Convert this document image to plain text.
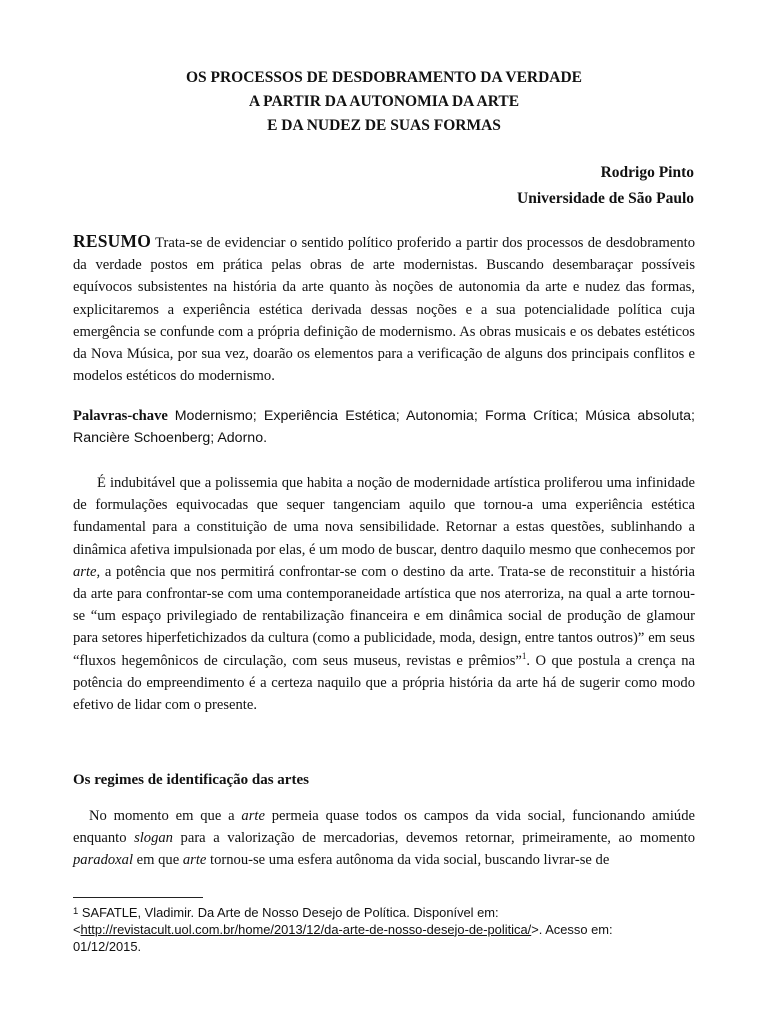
OS PROCESSOS DE DESDOBRAMENTO DA VERDADE
A PARTIR DA AUTONOMIA DA ARTE
E DA NUDEZ DE SUAS FORMAS
Rodrigo Pinto
Universidade de São Paulo
RESUMO Trata-se de evidenciar o sentido político proferido a partir dos processos de desdobramento da verdade postos em prática pelas obras de arte modernistas. Buscando desembaraçar possíveis equívocos subsistentes na história da arte quanto às noções de autonomia da arte e nudez das formas, explicitaremos a experiência estética derivada dessas noções e a sua potencialidade política cuja emergência se confunde com a própria definição de modernismo. As obras musicais e os debates estéticos da Nova Música, por sua vez, doarão os elementos para a verificação de alguns dos principais conflitos e modelos estéticos do modernismo.
Palavras-chave Modernismo; Experiência Estética; Autonomia; Forma Crítica; Música absoluta; Rancière Schoenberg; Adorno.
É indubitável que a polissemia que habita a noção de modernidade artística proliferou uma infinidade de formulações equivocadas que sequer tangenciam aquilo que tornou-a uma experiência estética fundamental para a constituição de uma nova sensibilidade. Retornar a estas questões, sublinhando a dinâmica afetiva impulsionada por elas, é um modo de buscar, dentro daquilo mesmo que conhecemos por arte, a potência que nos permitirá confrontar-se com o destino da arte. Trata-se de reconstituir a história da arte para confrontar-se com uma contemporaneidade artística que nos aterroriza, na qual a arte tornou-se “um espaço privilegiado de rentabilização financeira e em dinâmica social de produção de glamour para setores hiperfetichizados da cultura (como a publicidade, moda, design, entre tantos outros)” em seus “fluxos hegemônicos de circulação, com seus museus, revistas e prêmios”$^1$. O que postula a crença na potência do empreendimento é a certeza naquilo que a própria história da arte há de sugerir como modo efetivo de lidar com o presente.
Os regimes de identificação das artes
No momento em que a arte permeia quase todos os campos da vida social, funcionando amiúde enquanto slogan para a valorização de mercadorias, devemos retornar, primeiramente, ao momento paradoxal em que arte tornou-se uma esfera autônoma da vida social, buscando livrar-se de
$^1$ SAFATLE, Vladimir. Da Arte de Nosso Desejo de Política. Disponível em: <http://revistacult.uol.com.br/home/2013/12/da-arte-de-nosso-desejo-de-politica/>. Acesso em: 01/12/2015.
